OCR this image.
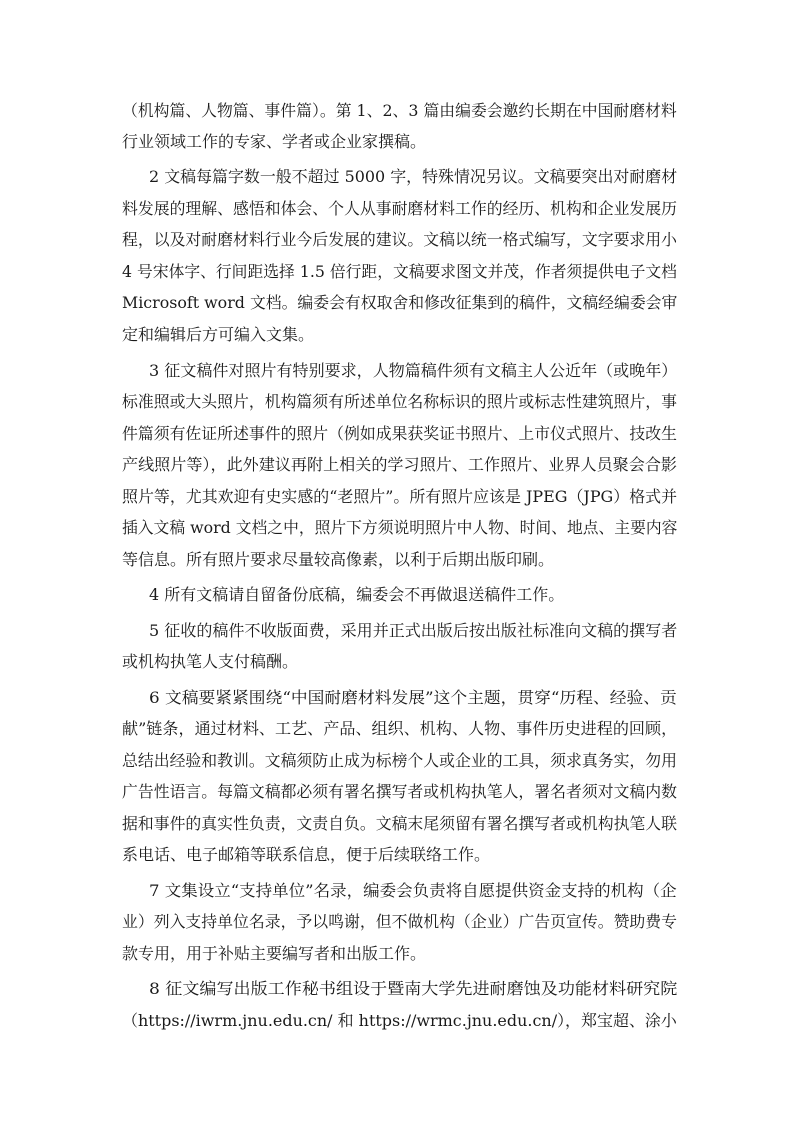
（机构篇、人物篇、事件篇）。第 1、2、3 篇由编委会邀约长期在中国耐磨材料
行业领域工作的专家、学者或企业家撰稿。
2 文稿每篇字数一般不超过 5000 字，特殊情况另议。文稿要突出对耐磨材
料发展的理解、感悟和体会、个人从事耐磨材料工作的经历、机构和企业发展历
程，以及对耐磨材料行业今后发展的建议。文稿以统一格式编写，文字要求用小
4 号宋体字、行间距选择 1.5 倍行距，文稿要求图文并茂，作者须提供电子文档
Microsoft word 文档。编委会有权取舍和修改征集到的稿件，文稿经编委会审
定和编辑后方可编入文集。
3 征文稿件对照片有特别要求，人物篇稿件须有文稿主人公近年（或晚年）
标准照或大头照片，机构篇须有所述单位名称标识的照片或标志性建筑照片，事
件篇须有佐证所述事件的照片（例如成果获奖证书照片、上市仪式照片、技改生
产线照片等），此外建议再附上相关的学习照片、工作照片、业界人员聚会合影
照片等，尤其欢迎有史实感的“老照片”。所有照片应该是 JPEG（JPG）格式并
插入文稿 word 文档之中，照片下方须说明照片中人物、时间、地点、主要内容
等信息。所有照片要求尽量较高像素，以利于后期出版印刷。
4 所有文稿请自留备份底稿，编委会不再做退送稿件工作。
5 征收的稿件不收版面费，采用并正式出版后按出版社标准向文稿的撰写者
或机构执笔人支付稿酬。
6 文稿要紧紧围绕“中国耐磨材料发展”这个主题，贯穿“历程、经验、贡
献”链条，通过材料、工艺、产品、组织、机构、人物、事件历史进程的回顾，
总结出经验和教训。文稿须防止成为标榜个人或企业的工具，须求真务实，勿用
广告性语言。每篇文稿都必须有署名撰写者或机构执笔人，署名者须对文稿内数
据和事件的真实性负责，文责自负。文稿末尾须留有署名撰写者或机构执笔人联
系电话、电子邮箱等联系信息，便于后续联络工作。
7 文集设立“支持单位”名录，编委会负责将自愿提供资金支持的机构（企
业）列入支持单位名录，予以鸣谢，但不做机构（企业）广告页宣传。赞助费专
款专用，用于补贴主要编写者和出版工作。
8 征文编写出版工作秘书组设于暨南大学先进耐磨蚀及功能材料研究院
（https://iwrm.jnu.edu.cn/ 和 https://wrmc.jnu.edu.cn/），郑宝超、涂小
